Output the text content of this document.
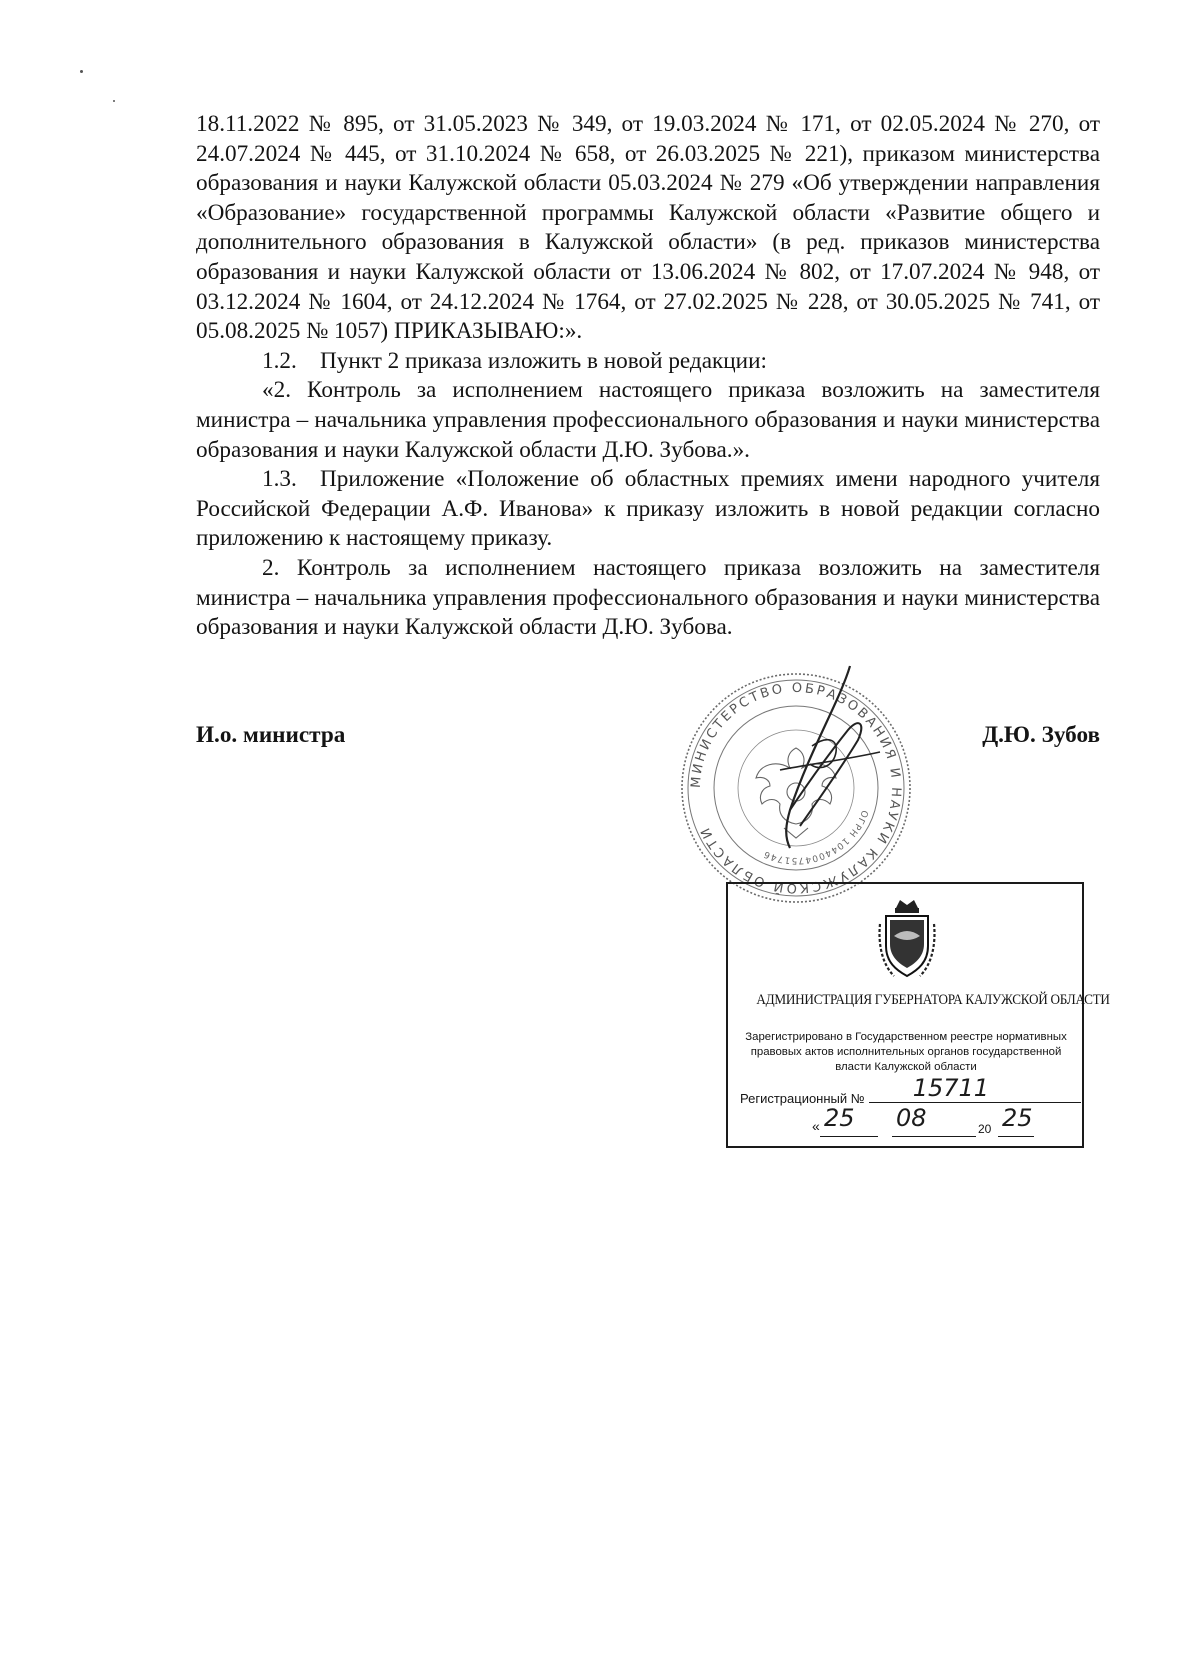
18.11.2022 № 895, от 31.05.2023 № 349, от 19.03.2024 № 171, от 02.05.2024 № 270, от 24.07.2024 № 445, от 31.10.2024 № 658, от 26.03.2025 № 221), приказом министерства образования и науки Калужской области 05.03.2024 № 279 «Об утверждении направления «Образование» государственной программы Калужской области «Развитие общего и дополнительного образования в Калужской области» (в ред. приказов министерства образования и науки Калужской области от 13.06.2024 № 802, от 17.07.2024 № 948, от 03.12.2024 № 1604, от 24.12.2024 № 1764, от 27.02.2025 № 228, от 30.05.2025 № 741, от 05.08.2025 № 1057) ПРИКАЗЫВАЮ:».

1.2. Пункт 2 приказа изложить в новой редакции:

«2. Контроль за исполнением настоящего приказа возложить на заместителя министра – начальника управления профессионального образования и науки министерства образования и науки Калужской области Д.Ю. Зубова.».

1.3. Приложение «Положение об областных премиях имени народного учителя Российской Федерации А.Ф. Иванова» к приказу изложить в новой редакции согласно приложению к настоящему приказу.

2. Контроль за исполнением настоящего приказа возложить на заместителя министра – начальника управления профессионального образования и науки министерства образования и науки Калужской области Д.Ю. Зубова.

И.о. министра	Д.Ю. Зубов
МИНИСТЕРСТВО ОБРАЗОВАНИЯ И НАУКИ КАЛУЖСКОЙ ОБЛАСТИ
ОГРН 1044004751746
АДМИНИСТРАЦИЯ ГУБЕРНАТОРА КАЛУЖСКОЙ ОБЛАСТИ
Зарегистрировано в Государственном реестре нормативных правовых актов исполнительных органов государственной власти Калужской области
Регистрационный № 15711
« 25 08	20 25
